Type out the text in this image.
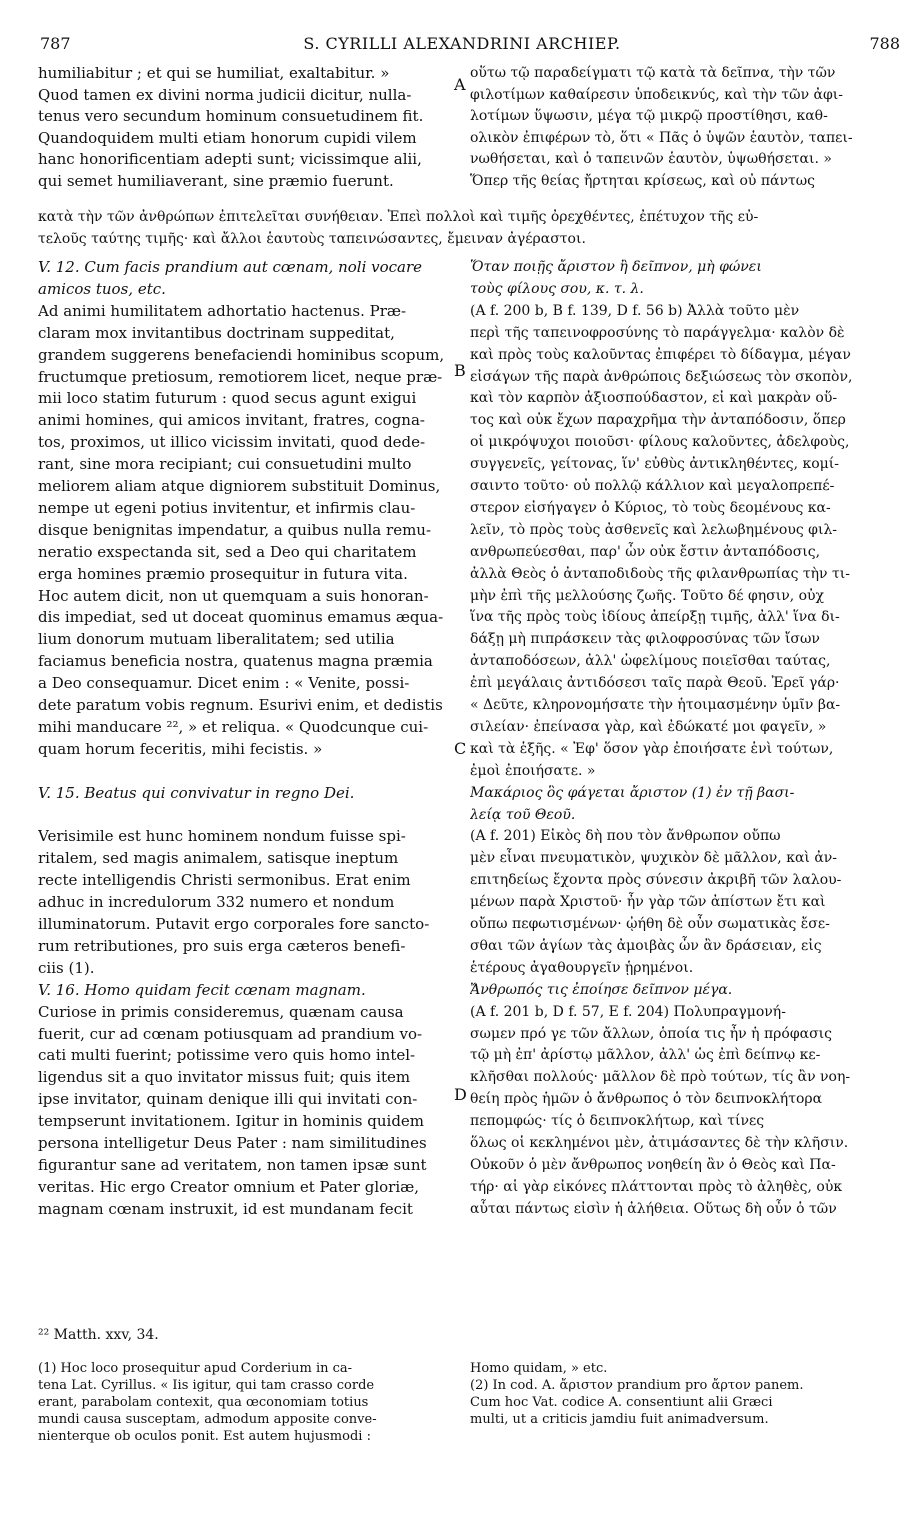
787	S. CYRILLI ALEXANDRINI ARCHIEP.	788
humiliabitur ; et qui se humiliat, exaltabitur. »
Quod tamen ex divini norma judicii dicitur, nulla-
tenus vero secundum hominum consuetudinem fit.
Quandoquidem multi etiam honorum cupidi vilem
hanc honorificentiam adepti sunt; vicissimque alii,
qui semet humiliaverant, sine præmio fuerunt.
V. 12. Cum facis prandium aut cœnam, noli vocare
amicos tuos, etc.
Ad animi humilitatem adhortatio hactenus. Præ-
claram mox invitantibus doctrinam suppeditat,
grandem suggerens benefaciendi hominibus scopum,
fructumque pretiosum, remotiorem licet, neque præ-
mii loco statim futurum : quod secus agunt exigui
animi homines, qui amicos invitant, fratres, cogna-
tos, proximos, ut illico vicissim invitati, quod dede-
rant, sine mora recipiant; cui consuetudini multo
meliorem aliam atque digniorem substituit Dominus,
nempe ut egeni potius invitentur, et infirmis clau-
disque benignitas impendatur, a quibus nulla remu-
neratio exspectanda sit, sed a Deo qui charitatem
erga homines præmio prosequitur in futura vita.
Hoc autem dicit, non ut quemquam a suis honoran-
dis impediat, sed ut doceat quominus emamus æqua-
lium donorum mutuam liberalitatem; sed utilia
faciamus beneficia nostra, quatenus magna præmia
a Deo consequamur. Dicet enim : « Venite, possi-
dete paratum vobis regnum. Esurivi enim, et dedistis
mihi manducare ²², » et reliqua. « Quodcunque cui-
quam horum feceritis, mihi fecistis. »
V. 15. Beatus qui convivatur in regno Dei.
Verisimile est hunc hominem nondum fuisse spi-
ritalem, sed magis animalem, satisque ineptum
recte intelligendis Christi sermonibus. Erat enim
adhuc in incredulorum 332 numero et nondum
illuminatorum. Putavit ergo corporales fore sancto-
rum retributiones, pro suis erga cæteros benefi-
ciis (1).
V. 16. Homo quidam fecit cœnam magnam.
Curiose in primis consideremus, quænam causa
fuerit, cur ad cœnam potiusquam ad prandium vo-
cati multi fuerint; potissime vero quis homo intel-
ligendus sit a quo invitator missus fuit; quis item
ipse invitator, quinam denique illi qui invitati con-
tempserunt invitationem. Igitur in hominis quidem
persona intelligetur Deus Pater : nam similitudines
figurantur sane ad veritatem, non tamen ipsæ sunt
veritas. Hic ergo Creator omnium et Pater gloriæ,
magnam cœnam instruxit, id est mundanam fecit
οὕτω τῷ παραδείγματι τῷ κατὰ τὰ δεῖπνα, τὴν τῶν
φιλοτίμων καθαίρεσιν ὑποδεικνύς, καὶ τὴν τῶν ἀφι-
λοτίμων ὕψωσιν, μέγα τῷ μικρῷ προστίθησι, καθ-
ολικὸν ἐπιφέρων τὸ, ὅτι « Πᾶς ὁ ὑψῶν ἑαυτὸν, ταπει-
νωθήσεται, καὶ ὁ ταπεινῶν ἑαυτὸν, ὑψωθήσεται. »
Ὅπερ τῆς θείας ἤρτηται κρίσεως, καὶ οὐ πάντως
Ὅταν ποιῇς ἄριστον ἢ δεῖπνον, μὴ φώνει
τοὺς φίλους σου, κ. τ. λ.
(A f. 200 b, B f. 139, D f. 56 b) Ἀλλὰ τοῦτο μὲν
περὶ τῆς ταπεινοφροσύνης τὸ παράγγελμα· καλὸν δὲ
καὶ πρὸς τοὺς καλοῦντας ἐπιφέρει τὸ δίδαγμα, μέγαν
εἰσάγων τῆς παρὰ ἀνθρώποις δεξιώσεως τὸν σκοπὸν,
καὶ τὸν καρπὸν ἀξιοσπούδαστον, εἰ καὶ μακρὰν οὕ-
τος καὶ οὐκ ἔχων παραχρῆμα τὴν ἀνταπόδοσιν, ὅπερ
οἱ μικρόψυχοι ποιοῦσι· φίλους καλοῦντες, ἀδελφοὺς,
συγγενεῖς, γείτονας, ἵν' εὐθὺς ἀντικληθέντες, κομί-
σαιντο τοῦτο· οὐ πολλῷ κάλλιον καὶ μεγαλοπρεπέ-
στερον εἰσήγαγεν ὁ Κύριος, τὸ τοὺς δεομένους κα-
λεῖν, τὸ πρὸς τοὺς ἀσθενεῖς καὶ λελωβημένους φιλ-
ανθρωπεύεσθαι, παρ' ὧν οὐκ ἔστιν ἀνταπόδοσις,
ἀλλὰ Θεὸς ὁ ἀνταποδιδοὺς τῆς φιλανθρωπίας τὴν τι-
μὴν ἐπὶ τῆς μελλούσης ζωῆς. Τοῦτο δέ φησιν, οὐχ
ἵνα τῆς πρὸς τοὺς ἰδίους ἀπείρξῃ τιμῆς, ἀλλ' ἵνα δι-
δάξῃ μὴ πιπράσκειν τὰς φιλοφροσύνας τῶν ἴσων
ἀνταποδόσεων, ἀλλ' ὠφελίμους ποιεῖσθαι ταύτας,
ἐπὶ μεγάλαις ἀντιδόσεσι ταῖς παρὰ Θεοῦ. Ἐρεῖ γάρ·
« Δεῦτε, κληρονομήσατε τὴν ἡτοιμασμένην ὑμῖν βα-
σιλείαν· ἐπείνασα γὰρ, καὶ ἐδώκατέ μοι φαγεῖν, »
καὶ τὰ ἑξῆς. « Ἐφ' ὅσον γὰρ ἐποιήσατε ἑνὶ τούτων,
ἐμοὶ ἐποιήσατε. »
Μακάριος ὃς φάγεται ἄριστον (1) ἐν τῇ βασι-
λείᾳ τοῦ Θεοῦ.
(A f. 201) Εἰκὸς δὴ που τὸν ἄνθρωπον οὔπω
μὲν εἶναι πνευματικὸν, ψυχικὸν δὲ μᾶλλον, καὶ ἀν-
επιτηδείως ἔχοντα πρὸς σύνεσιν ἀκριβῆ τῶν λαλου-
μένων παρὰ Χριστοῦ· ἦν γὰρ τῶν ἀπίστων ἔτι καὶ
οὔπω πεφωτισμένων· ᾠήθη δὲ οὖν σωματικὰς ἔσε-
σθαι τῶν ἁγίων τὰς ἀμοιβὰς ὧν ἂν δράσειαν, εἰς
ἑτέρους ἀγαθουργεῖν ᾑρημένοι.
Ἄνθρωπός τις ἐποίησε δεῖπνον μέγα.
(A f. 201 b, D f. 57, E f. 204) Πολυπραγμονή-
σωμεν πρό γε τῶν ἄλλων, ὁποία τις ἦν ἡ πρόφασις
τῷ μὴ ἐπ' ἀρίστῳ μᾶλλον, ἀλλ' ὡς ἐπὶ δείπνῳ κε-
κλῆσθαι πολλούς· μᾶλλον δὲ πρὸ τούτων, τίς ἂν νοη-
θείη πρὸς ἡμῶν ὁ ἄνθρωπος ὁ τὸν δειπνοκλήτορα
πεπομφώς· τίς ὁ δειπνοκλήτωρ, καὶ τίνες
ὅλως οἱ κεκλημένοι μὲν, ἀτιμάσαντες δὲ τὴν κλῆσιν.
Οὐκοῦν ὁ μὲν ἄνθρωπος νοηθείη ἂν ὁ Θεὸς καὶ Πα-
τήρ· αἱ γὰρ εἰκόνες πλάττονται πρὸς τὸ ἀληθὲς, οὐκ
αὗται πάντως εἰσὶν ἡ ἀλήθεια. Οὕτως δὴ οὖν ὁ τῶν
κατὰ τὴν τῶν ἀνθρώπων ἐπιτελεῖται συνήθειαν. Ἐπεὶ πολλοὶ καὶ τιμῆς ὀρεχθέντες, ἐπέτυχον τῆς εὐ-
τελοῦς ταύτης τιμῆς· καὶ ἄλλοι ἑαυτοὺς ταπεινώσαντες, ἔμειναν ἀγέραστοι.
A
B
C
D
²² Matth. xxv, 34.
(1) Hoc loco prosequitur apud Corderium in ca-
tena Lat. Cyrillus. « Iis igitur, qui tam crasso corde
erant, parabolam contexit, qua œconomiam totius
mundi causa susceptam, admodum apposite conve-
nienterque ob oculos ponit. Est autem hujusmodi :
Homo quidam, » etc.
(2) In cod. A. ἄριστον prandium pro ἄρτον panem.
Cum hoc Vat. codice A. consentiunt alii Græci
multi, ut a criticis jamdiu fuit animadversum.
